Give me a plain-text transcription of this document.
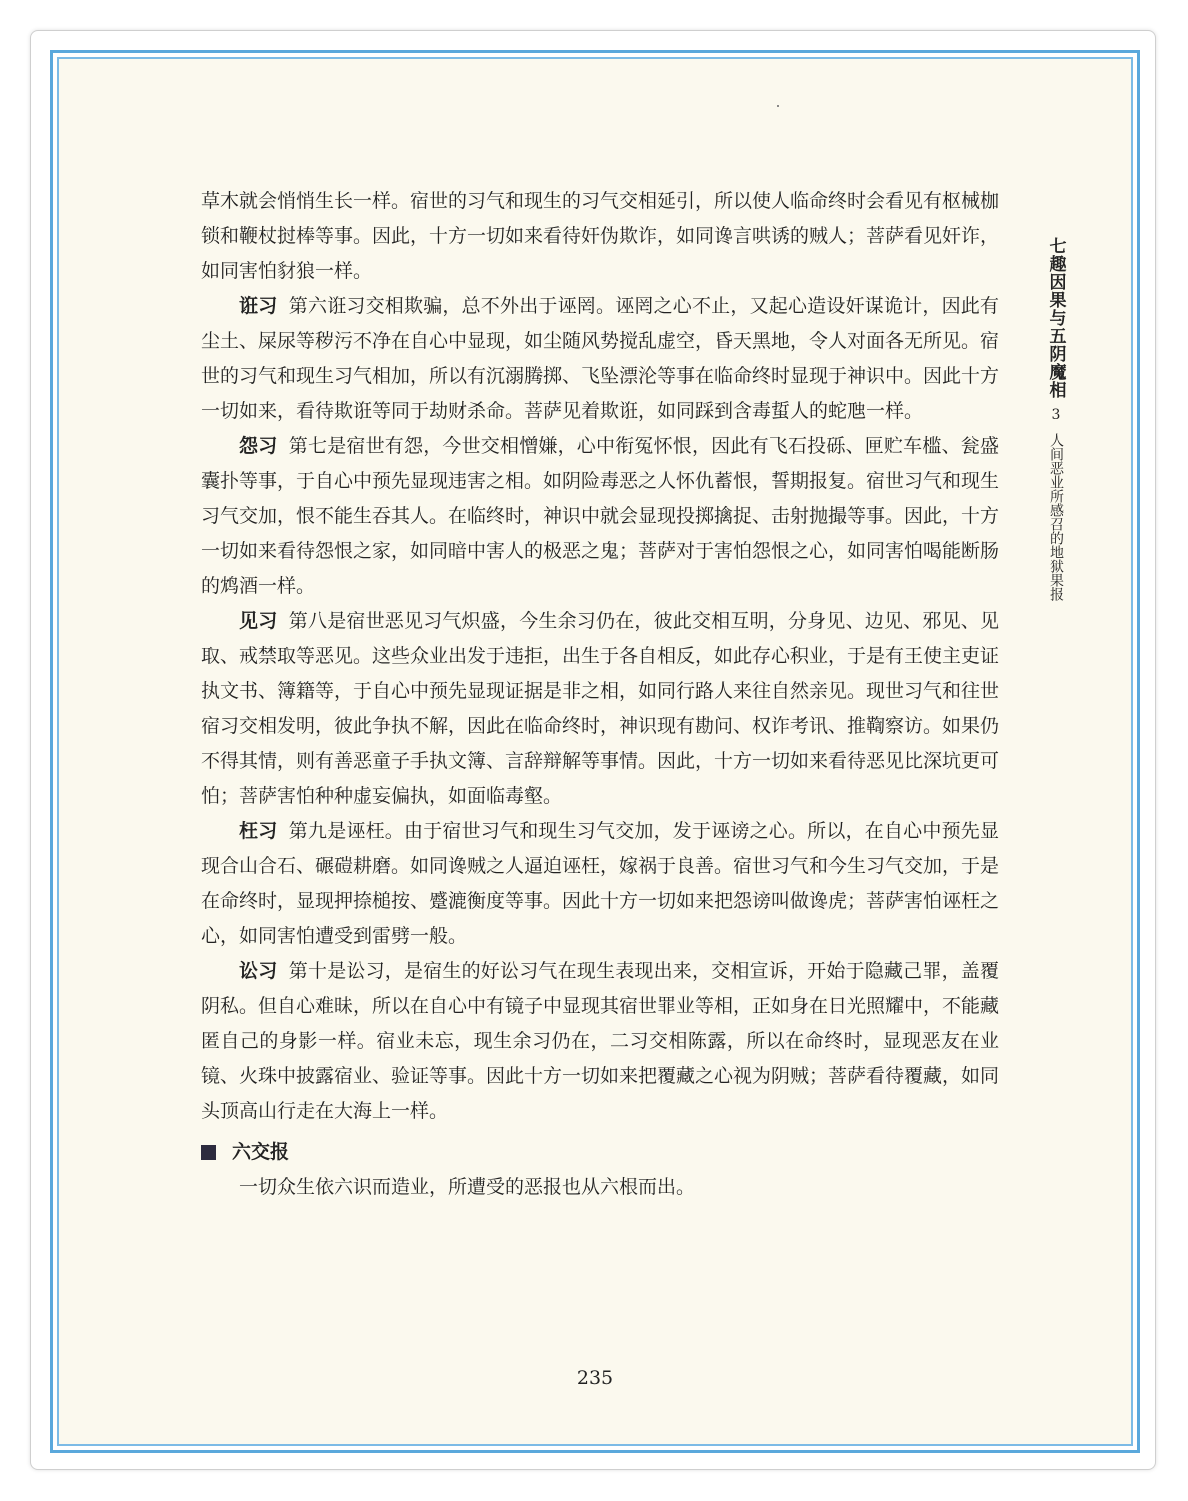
草木就会悄悄生长一样。宿世的习气和现生的习气交相延引，所以使人临命终时会看见有枢械枷锁和鞭杖挝棒等事。因此，十方一切如来看待奸伪欺诈，如同谗言哄诱的贼人；菩萨看见奸诈，如同害怕豺狼一样。

诳习 第六诳习交相欺骗，总不外出于诬罔。诬罔之心不止，又起心造设奸谋诡计，因此有尘土、屎尿等秽污不净在自心中显现，如尘随风势搅乱虚空，昏天黑地，令人对面各无所见。宿世的习气和现生习气相加，所以有沉溺腾掷、飞坠漂沦等事在临命终时显现于神识中。因此十方一切如来，看待欺诳等同于劫财杀命。菩萨见着欺诳，如同踩到含毒蜇人的蛇虺一样。

怨习 第七是宿世有怨，今世交相憎嫌，心中衔冤怀恨，因此有飞石投砾、匣贮车槛、瓮盛囊扑等事，于自心中预先显现违害之相。如阴险毒恶之人怀仇蓄恨，誓期报复。宿世习气和现生习气交加，恨不能生吞其人。在临终时，神识中就会显现投掷擒捉、击射抛撮等事。因此，十方一切如来看待怨恨之家，如同暗中害人的极恶之鬼；菩萨对于害怕怨恨之心，如同害怕喝能断肠的鸩酒一样。

见习 第八是宿世恶见习气炽盛，今生余习仍在，彼此交相互明，分身见、边见、邪见、见取、戒禁取等恶见。这些众业出发于违拒，出生于各自相反，如此存心积业，于是有王使主吏证执文书、簿籍等，于自心中预先显现证据是非之相，如同行路人来往自然亲见。现世习气和往世宿习交相发明，彼此争执不解，因此在临命终时，神识现有勘问、权诈考讯、推鞫察访。如果仍不得其情，则有善恶童子手执文簿、言辞辩解等事情。因此，十方一切如来看待恶见比深坑更可怕；菩萨害怕种种虚妄偏执，如面临毒壑。

枉习 第九是诬枉。由于宿世习气和现生习气交加，发于诬谤之心。所以，在自心中预先显现合山合石、碾磑耕磨。如同谗贼之人逼迫诬枉，嫁祸于良善。宿世习气和今生习气交加，于是在命终时，显现押捺槌按、蹙漉衡度等事。因此十方一切如来把怨谤叫做谗虎；菩萨害怕诬枉之心，如同害怕遭受到雷劈一般。

讼习 第十是讼习，是宿生的好讼习气在现生表现出来，交相宣诉，开始于隐藏己罪，盖覆阴私。但自心难昧，所以在自心中有镜子中显现其宿世罪业等相，正如身在日光照耀中，不能藏匿自己的身影一样。宿业未忘，现生余习仍在，二习交相陈露，所以在命终时，显现恶友在业镜、火珠中披露宿业、验证等事。因此十方一切如来把覆藏之心视为阴贼；菩萨看待覆藏，如同头顶高山行走在大海上一样。

六交报

一切众生依六识而造业，所遭受的恶报也从六根而出。

七趣因果与五阴魔相
3
人间恶业所感召的地狱果报
235
